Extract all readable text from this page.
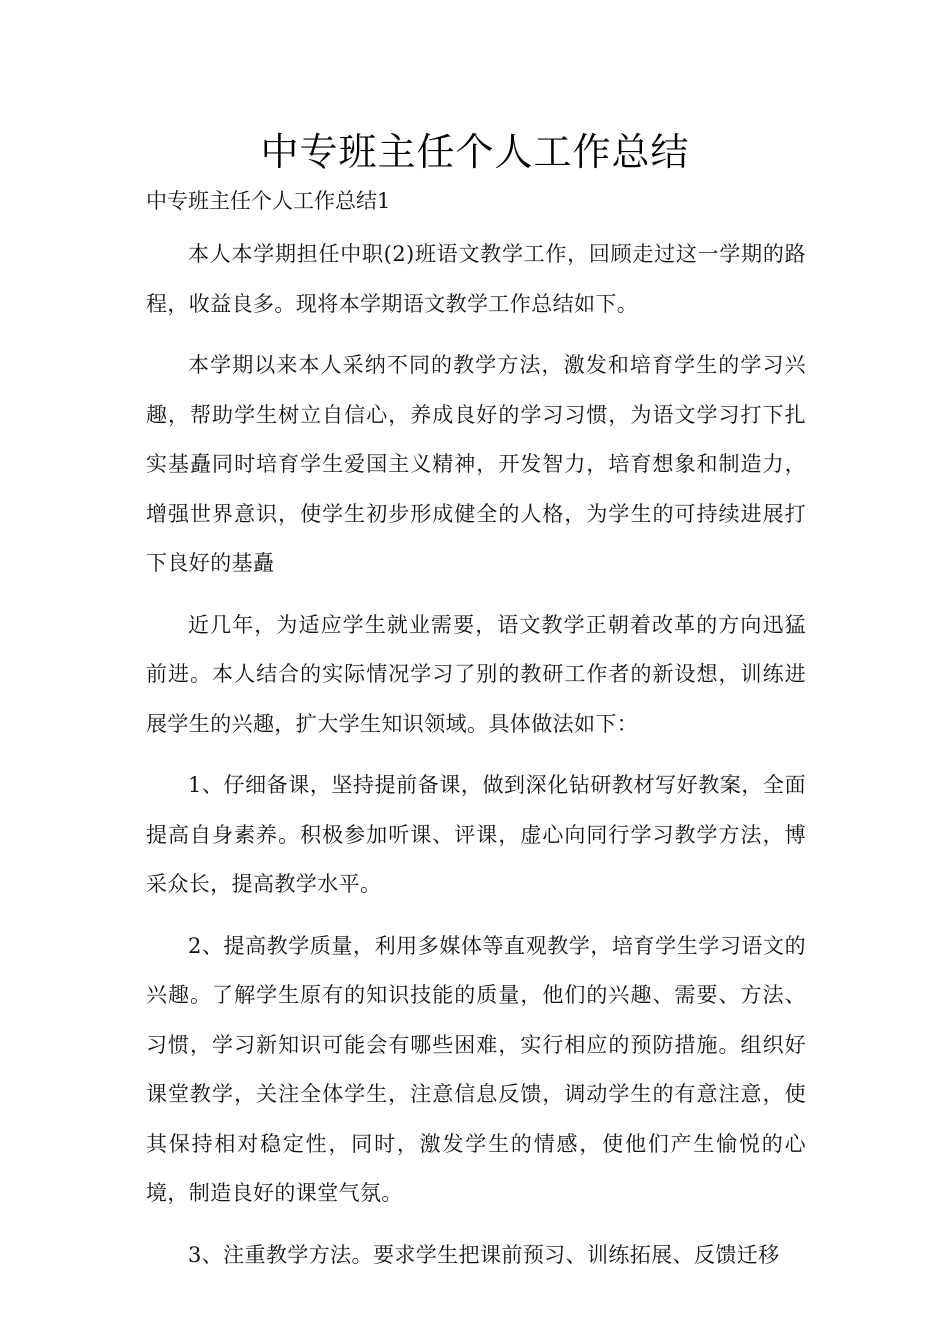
中专班主任个人工作总结
中专班主任个人工作总结1

本人本学期担任中职(2)班语文教学工作，回顾走过这一学期的路程，收益良多。现将本学期语文教学工作总结如下。

本学期以来本人采纳不同的教学方法，激发和培育学生的学习兴趣，帮助学生树立自信心，养成良好的学习习惯，为语文学习打下扎实基矗同时培育学生爱国主义精神，开发智力，培育想象和制造力，增强世界意识，使学生初步形成健全的人格，为学生的可持续进展打下良好的基矗

近几年，为适应学生就业需要，语文教学正朝着改革的方向迅猛前进。本人结合的实际情况学习了别的教研工作者的新设想，训练进展学生的兴趣，扩大学生知识领域。具体做法如下：

1、仔细备课，坚持提前备课，做到深化钻研教材写好教案，全面提高自身素养。积极参加听课、评课，虚心向同行学习教学方法，博采众长，提高教学水平。

2、提高教学质量，利用多媒体等直观教学，培育学生学习语文的兴趣。了解学生原有的知识技能的质量，他们的兴趣、需要、方法、习惯，学习新知识可能会有哪些困难，实行相应的预防措施。组织好课堂教学，关注全体学生，注意信息反馈，调动学生的有意注意，使其保持相对稳定性，同时，激发学生的情感，使他们产生愉悦的心境，制造良好的课堂气氛。

3、注重教学方法。要求学生把课前预习、训练拓展、反馈迁移
